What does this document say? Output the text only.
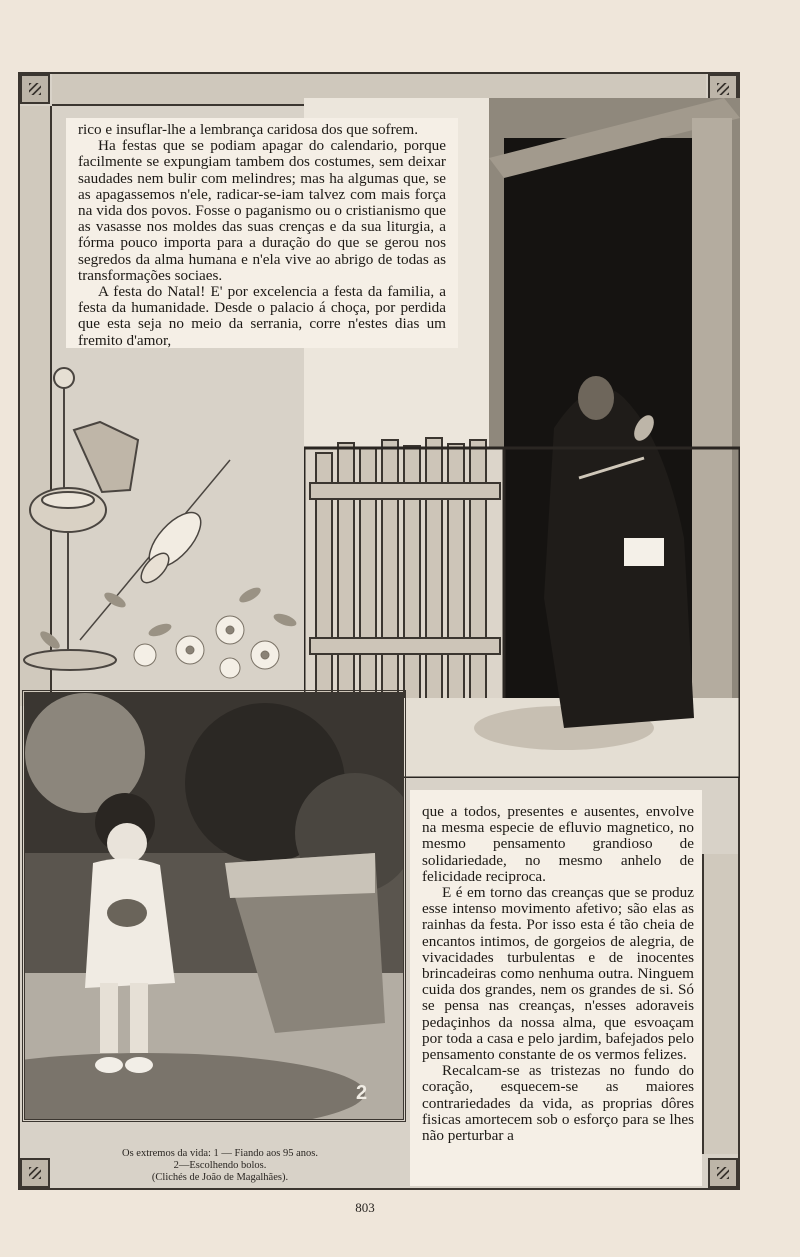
2

rico e insuflar-lhe a lembrança caridosa dos que sofrem.

Ha festas que se podiam apagar do calendario, porque facilmente se expungiam tambem dos costumes, sem deixar saudades nem bulir com melindres; mas ha algumas que, se as apagassemos n'ele, radicar-se-iam talvez com mais força na vida dos povos. Fosse o paganismo ou o cristianismo que as vasasse nos moldes das suas crenças e da sua liturgia, a fórma pouco importa para a duração do que se gerou nos segredos da alma humana e n'ela vive ao abrigo de todas as transformações sociaes.

A festa do Natal! E' por excelencia a festa da familia, a festa da humanidade. Desde o palacio á choça, por perdida que esta seja no meio da serrania, corre n'estes dias um fremito d'amor,

que a todos, presentes e ausentes, envolve na mesma especie de efluvio magnetico, no mesmo pensamento grandioso de solidariedade, no mesmo anhelo de felicidade reciproca.

E é em torno das creanças que se produz esse intenso movimento afetivo; são elas as rainhas da festa. Por isso esta é tão cheia de encantos intimos, de gorgeios de alegria, de vivacidades turbulentas e de inocentes brincadeiras como nenhuma outra. Ninguem cuida dos grandes, nem os grandes de si. Só se pensa nas creanças, n'esses adoraveis pedaçinhos da nossa alma, que esvoaçam por toda a casa e pelo jardim, bafejados pelo pensamento constante de os vermos felizes.

Recalcam-se as tristezas no fundo do coração, esquecem-se as maiores contrariedades da vida, as proprias dôres fisicas amortecem sob o esforço para se lhes não perturbar a

Os extremos da vida: 1 — Fiando aos 95 anos.
2—Escolhendo bolos.
(Clichés de João de Magalhães).
803
